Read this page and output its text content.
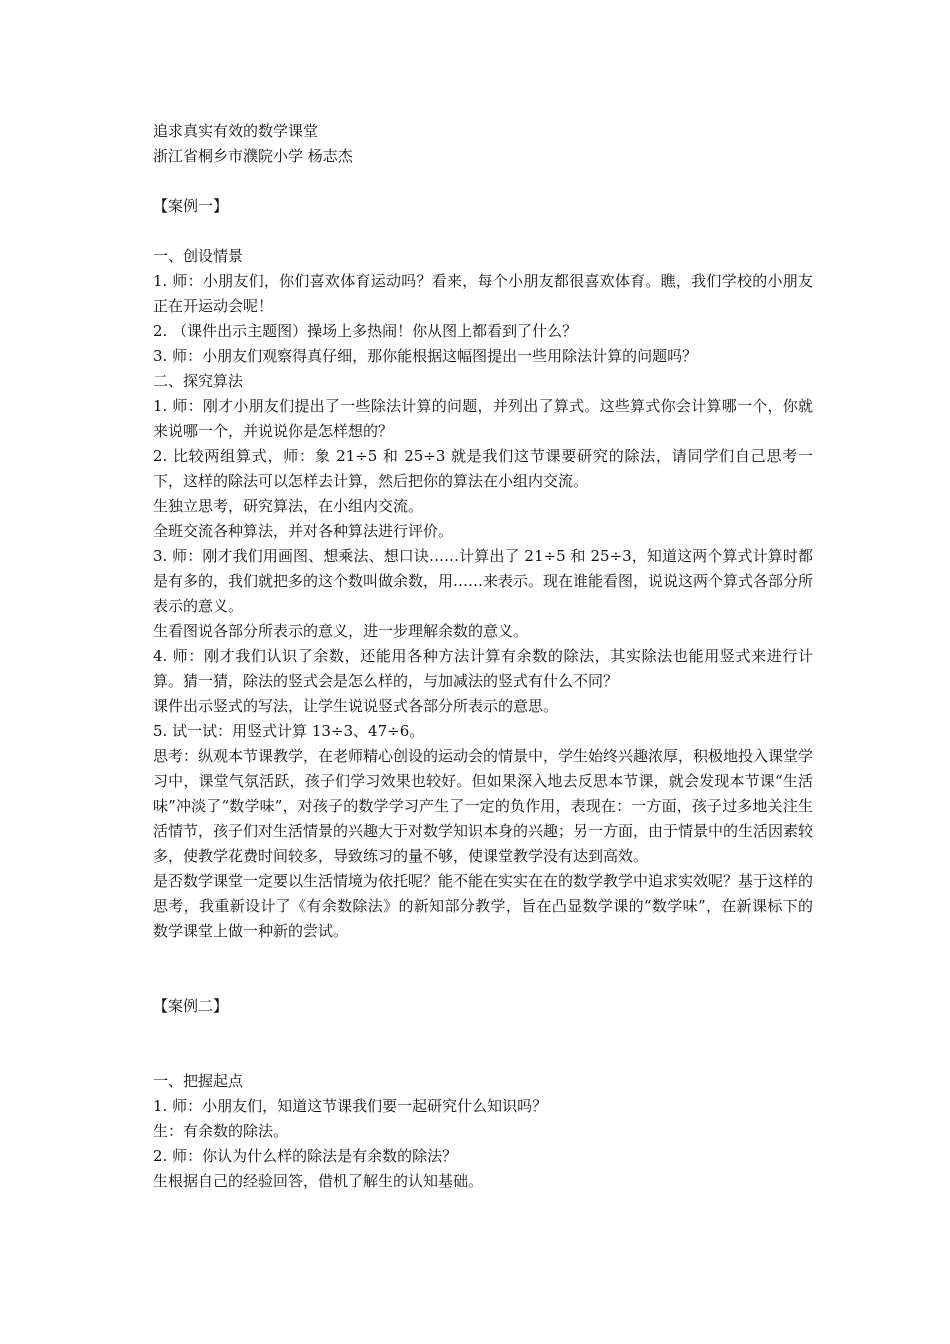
追求真实有效的数学课堂
浙江省桐乡市濮院小学 杨志杰
【案例一】
一、创设情景
1. 师：小朋友们，你们喜欢体育运动吗？看来，每个小朋友都很喜欢体育。瞧，我们学校的小朋友正在开运动会呢！
2. （课件出示主题图）操场上多热闹！你从图上都看到了什么？
3. 师：小朋友们观察得真仔细，那你能根据这幅图提出一些用除法计算的问题吗？
二、探究算法
1. 师：刚才小朋友们提出了一些除法计算的问题，并列出了算式。这些算式你会计算哪一个，你就来说哪一个，并说说你是怎样想的？
2. 比较两组算式，师：象 21÷5 和 25÷3 就是我们这节课要研究的除法，请同学们自己思考一下，这样的除法可以怎样去计算，然后把你的算法在小组内交流。
生独立思考，研究算法，在小组内交流。
全班交流各种算法，并对各种算法进行评价。
3. 师：刚才我们用画图、想乘法、想口诀……计算出了 21÷5 和 25÷3，知道这两个算式计算时都是有多的，我们就把多的这个数叫做余数，用……来表示。现在谁能看图，说说这两个算式各部分所表示的意义。
生看图说各部分所表示的意义，进一步理解余数的意义。
4. 师：刚才我们认识了余数，还能用各种方法计算有余数的除法，其实除法也能用竖式来进行计算。猜一猜，除法的竖式会是怎么样的，与加减法的竖式有什么不同？
课件出示竖式的写法，让学生说说竖式各部分所表示的意思。
5. 试一试：用竖式计算 13÷3、47÷6。
思考：纵观本节课教学，在老师精心创设的运动会的情景中，学生始终兴趣浓厚，积极地投入课堂学习中，课堂气氛活跃，孩子们学习效果也较好。但如果深入地去反思本节课，就会发现本节课“生活味”冲淡了“数学味”，对孩子的数学学习产生了一定的负作用，表现在：一方面，孩子过多地关注生活情节，孩子们对生活情景的兴趣大于对数学知识本身的兴趣；另一方面，由于情景中的生活因素较多，使教学花费时间较多，导致练习的量不够，使课堂教学没有达到高效。
是否数学课堂一定要以生活情境为依托呢？能不能在实实在在的数学教学中追求实效呢？基于这样的思考，我重新设计了《有余数除法》的新知部分教学，旨在凸显数学课的“数学味”，在新课标下的数学课堂上做一种新的尝试。
【案例二】
一、把握起点
1. 师：小朋友们，知道这节课我们要一起研究什么知识吗？
生：有余数的除法。
2. 师：你认为什么样的除法是有余数的除法？
生根据自己的经验回答，借机了解生的认知基础。
